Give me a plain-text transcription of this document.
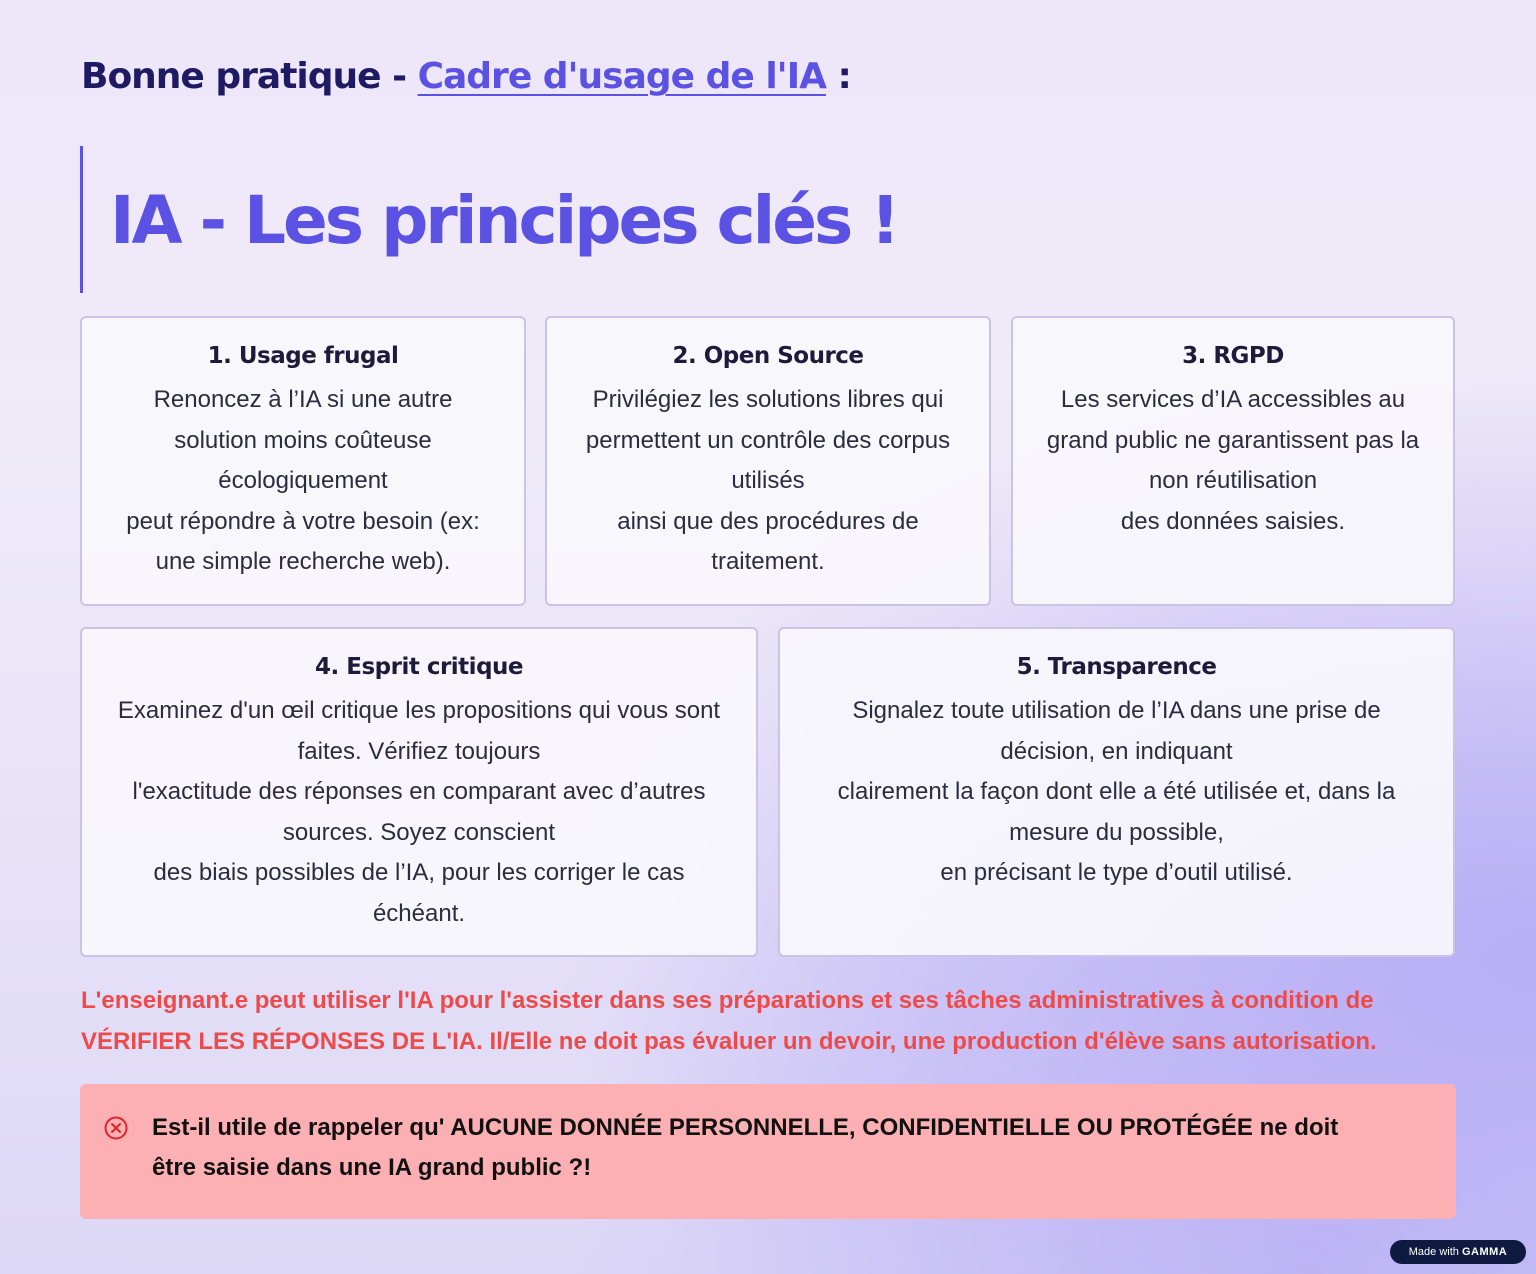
Bonne pratique - Cadre d'usage de l'IA :
IA - Les principes clés !

1. Usage frugal

Renoncez à l’IA si une autre
solution moins coûteuse
écologiquement
peut répondre à votre besoin (ex:
une simple recherche web).

2. Open Source

Privilégiez les solutions libres qui
permettent un contrôle des corpus
utilisés
ainsi que des procédures de
traitement.

3. RGPD

Les services d’IA accessibles au
grand public ne garantissent pas la
non réutilisation
des données saisies.

4. Esprit critique

Examinez d'un œil critique les propositions qui vous sont
faites. Vérifiez toujours
l'exactitude des réponses en comparant avec d’autres
sources. Soyez conscient
des biais possibles de l’IA, pour les corriger le cas
échéant.

5. Transparence

Signalez toute utilisation de l’IA dans une prise de
décision, en indiquant
clairement la façon dont elle a été utilisée et, dans la
mesure du possible,
en précisant le type d’outil utilisé.

L'enseignant.e peut utiliser l'IA pour l'assister dans ses préparations et ses tâches administratives à condition de
VÉRIFIER LES RÉPONSES DE L'IA. Il/Elle ne doit pas évaluer un devoir, une production d'élève sans autorisation.

Est-il utile de rappeler qu' AUCUNE DONNÉE PERSONNELLE, CONFIDENTIELLE OU PROTÉGÉE ne doit
être saisie dans une IA grand public ?!

Made with GAMMA
